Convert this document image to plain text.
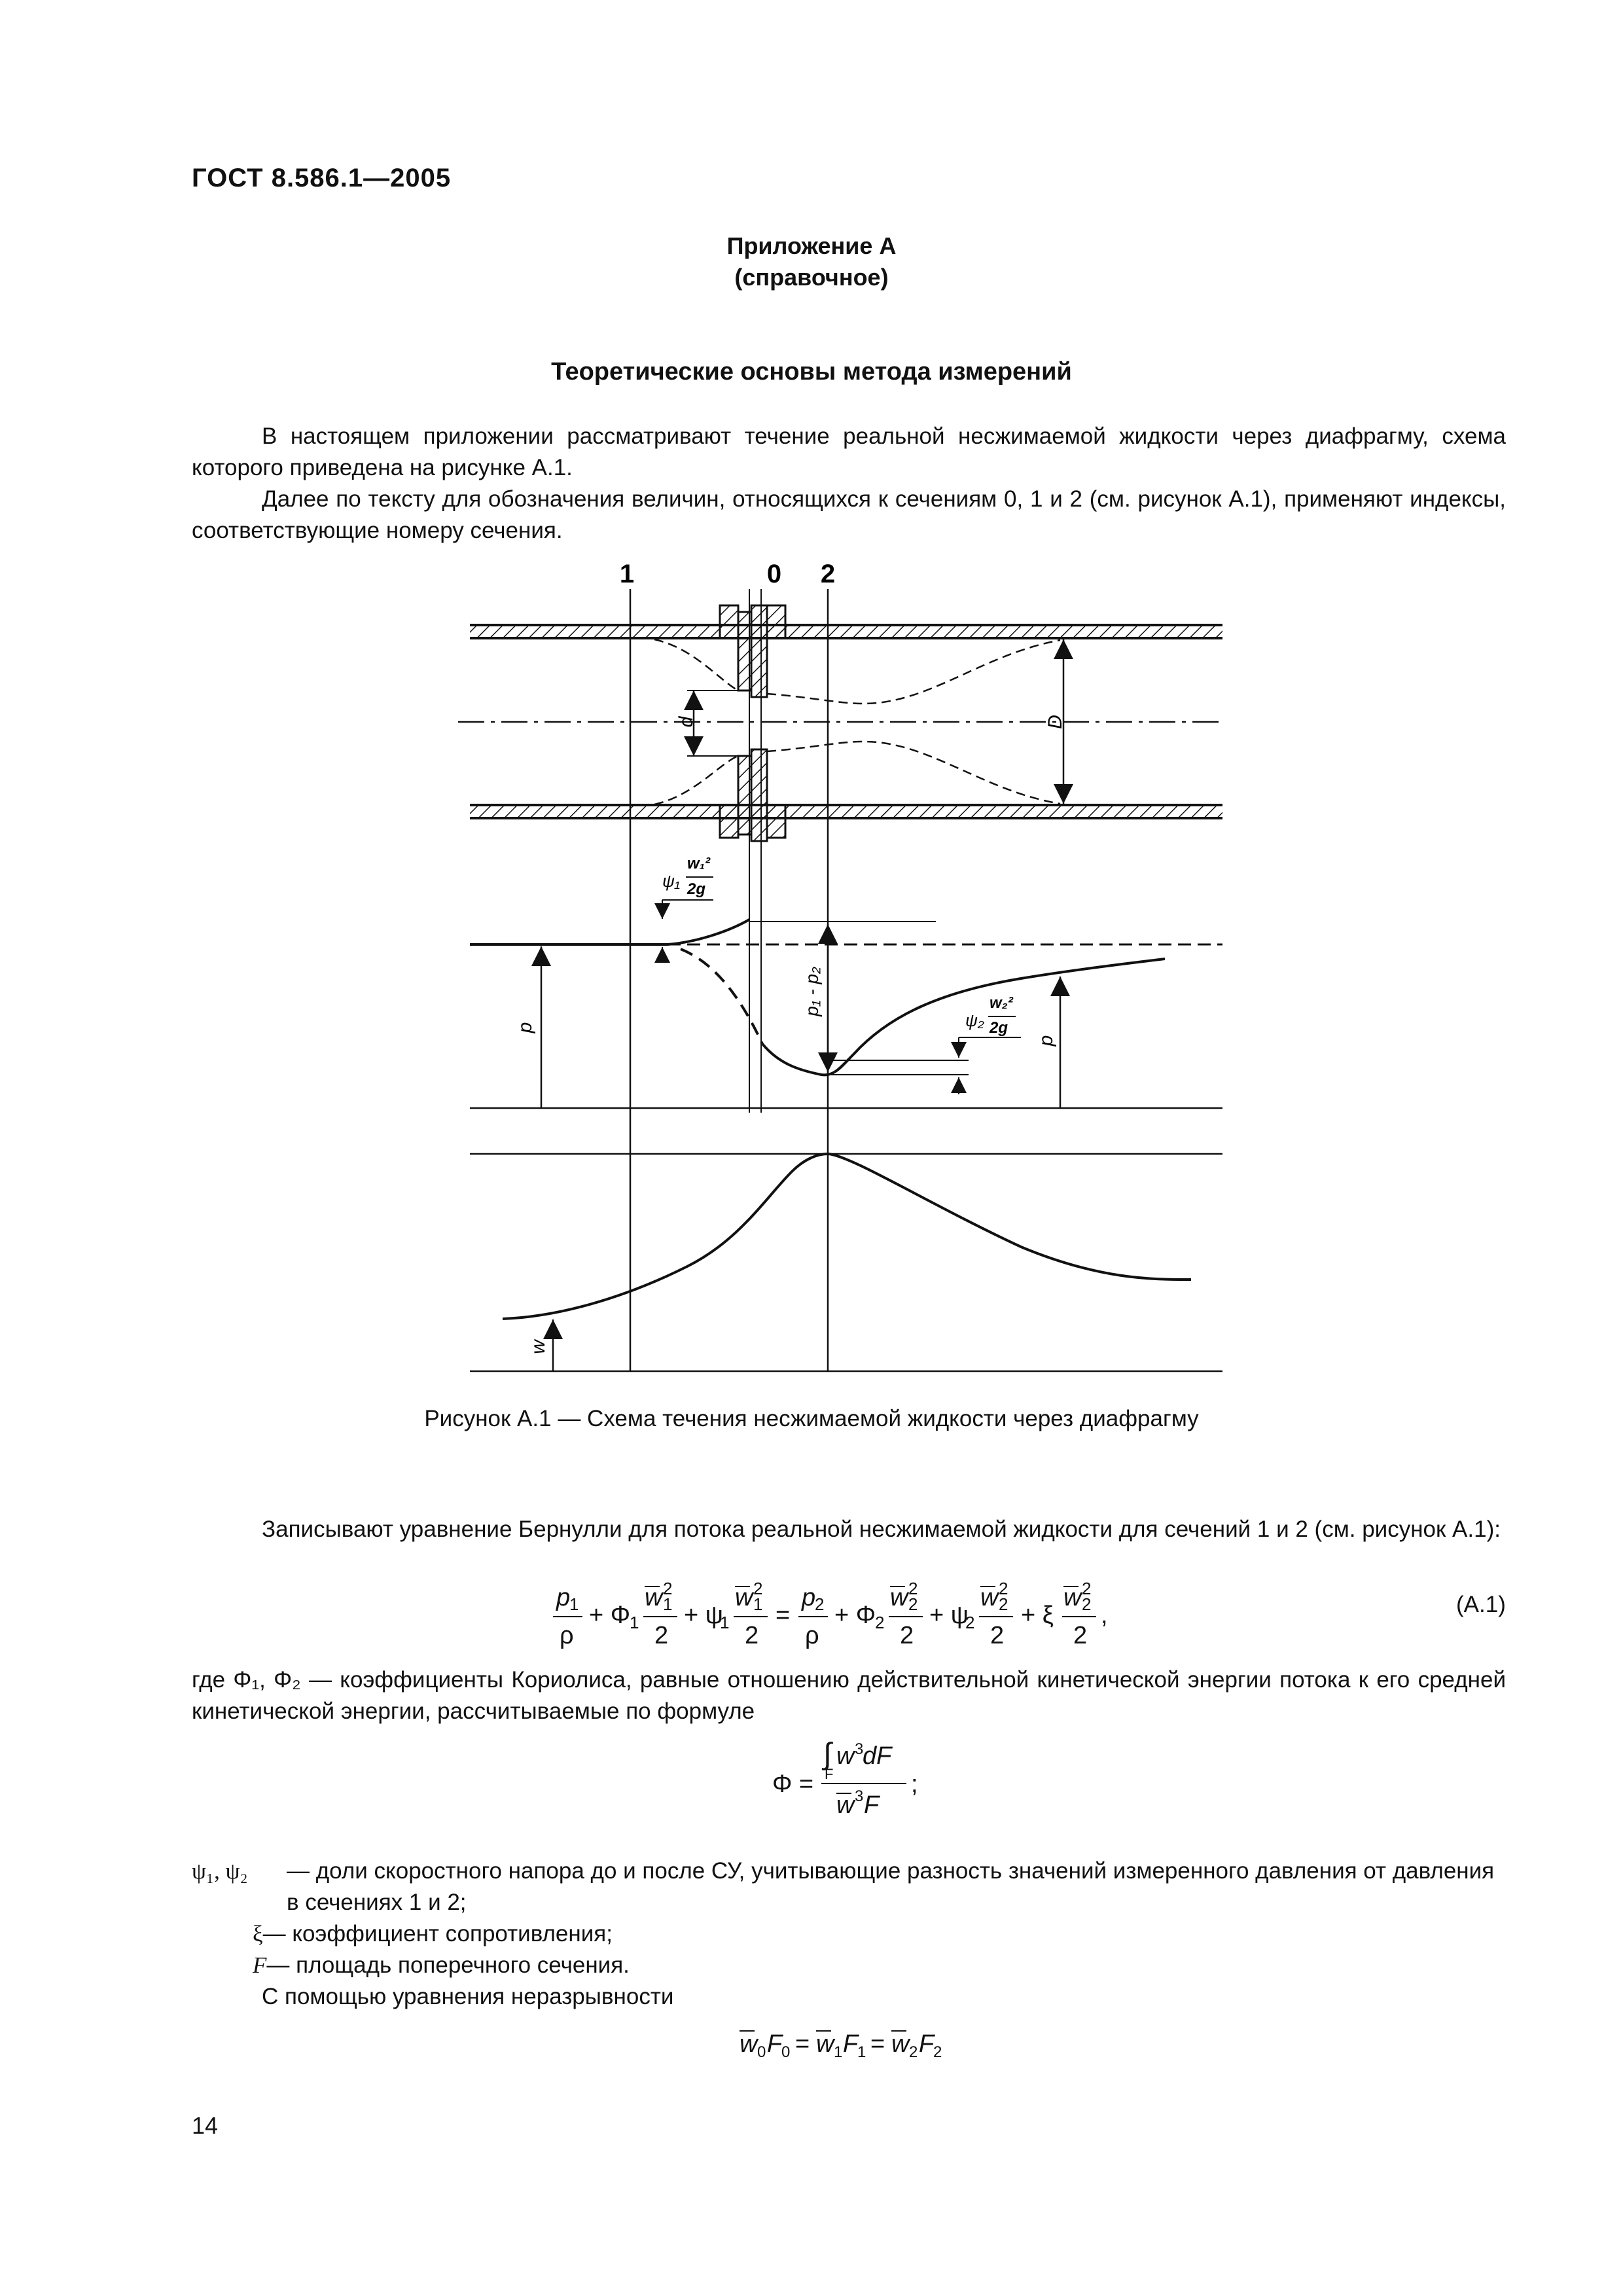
ГОСТ 8.586.1—2005
Приложение А
(справочное)
Теоретические основы метода измерений
В настоящем приложении рассматривают течение реальной несжимаемой жидкости через диафрагму, схема которого приведена на рисунке А.1.
Далее по тексту для обозначения величин, относящихся к сечениям 0, 1 и 2 (см. рисунок А.1), применяют индексы, соответствующие номеру сечения.
1	0 2
d	D
p
p
p₁ - p₂
ψ₁
w₁²
2g
ψ₂
w₂²
2g
w
Рисунок А.1 — Схема течения несжимаемой жидкости через диафрагму
Записывают уравнение Бернулли для потока реальной несжимаемой жидкости для сечений 1 и 2 (см. рисунок А.1):
p
1
ρ
+ Φ
1
w 1
2
2
+ ψ
1
w 1
2
2
=
p
2
ρ
+ Φ
2
w 2
2
2
+ ψ
2
w 2
2
2
+ ξ
w 2
2
2
,	(А.1)
где Φ₁, Φ₂ — коэффициенты Кориолиса, равные отношению действительной кинетической энергии потока к его средней кинетической энергии, рассчитываемые по формуле
Φ =
∫ w 3
dF
F
w 3 F
;
ψ₁, ψ₂	— доли скоростного напора до и после СУ, учитывающие разность значений измеренного давления от давления в сечениях 1 и 2;
ξ — коэффициент сопротивления;
F — площадь поперечного сечения.
С помощью уравнения неразрывности
w 0 F
0 = w 1 F
1 = w 2 F
2
14
